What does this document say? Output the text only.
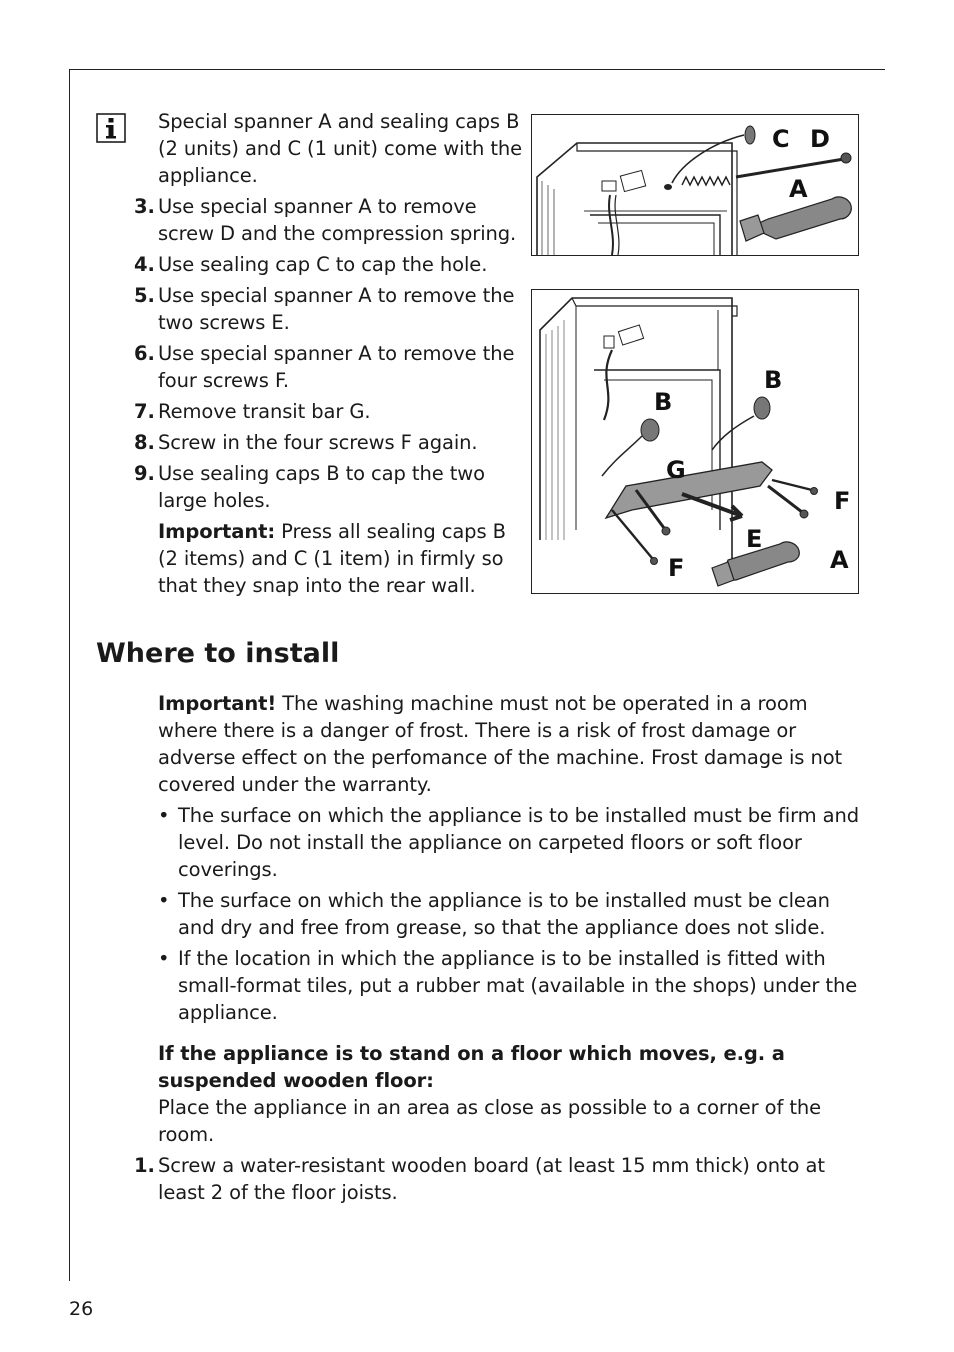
Special spanner A and sealing caps B (2 units) and C (1 unit) come with the appliance.

3. Use special spanner A to remove screw D and the compression spring.

4. Use sealing cap C to cap the hole.

5. Use special spanner A to remove the two screws E.

6. Use special spanner A to remove the four screws F.

7. Remove transit bar G.

8. Screw in the four screws F again.

9. Use sealing caps B to cap the two large holes.

Important: Press all sealing caps B (2 items) and C (1 item) in firmly so that they snap into the rear wall.

C D
A
B
B
G
F
E
A
F
Where to install

Important! The washing machine must not be operated in a room where there is a danger of frost. There is a risk of frost damage or adverse effect on the perfomance of the machine. Frost damage is not covered under the warranty.

• The surface on which the appliance is to be installed must be firm and level. Do not install the appliance on carpeted floors or soft floor coverings.

• The surface on which the appliance is to be installed must be clean and dry and free from grease, so that the appliance does not slide.

• If the location in which the appliance is to be installed is fitted with small-format tiles, put a rubber mat (available in the shops) under the appliance.

If the appliance is to stand on a floor which moves, e.g. a suspended wooden floor:

Place the appliance in an area as close as possible to a corner of the room.

1. Screw a water-resistant wooden board (at least 15 mm thick) onto at least 2 of the floor joists.

26
